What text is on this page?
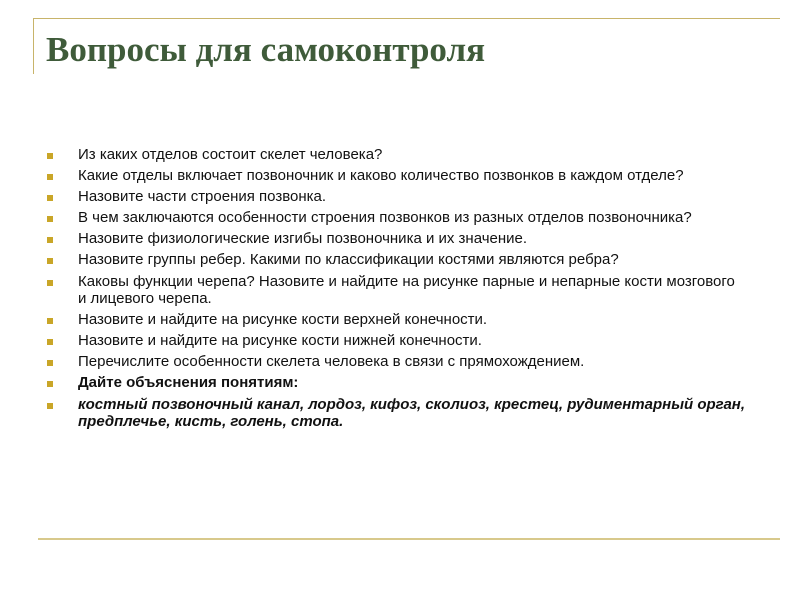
Вопросы для самоконтроля
Из каких отделов состоит скелет человека?
Какие отделы включает позвоночник и каково количество позвонков в каждом отделе?
Назовите части строения позвонка.
В чем заключаются особенности строения позвонков из разных отделов позвоночника?
Назовите физиологические изгибы позвоночника и их значение.
Назовите группы ребер. Какими по классификации костями являются ребра?
Каковы функции черепа? Назовите и найдите на рисунке парные и непарные кости мозгового и лицевого черепа.
Назовите и найдите на рисунке кости верхней конечности.
Назовите и найдите на рисунке кости нижней конечности.
Перечислите особенности скелета человека в связи с прямохождением.
Дайте объяснения понятиям:
костный позвоночный канал, лордоз, кифоз, сколиоз, крестец, рудиментарный орган, предплечье, кисть, голень, стопа.
